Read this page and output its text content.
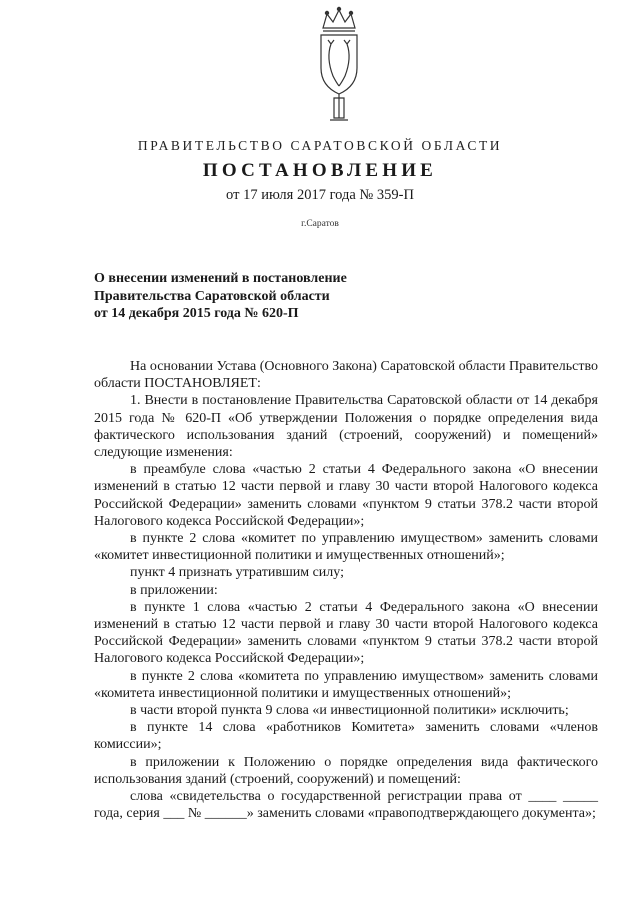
ПРАВИТЕЛЬСТВО САРАТОВСКОЙ ОБЛАСТИ
ПОСТАНОВЛЕНИЕ
от 17 июля 2017 года № 359-П
г.Саратов
О внесении изменений в постановление
Правительства Саратовской области
от 14 декабря 2015 года № 620-П

На основании Устава (Основного Закона) Саратовской области Правительство области ПОСТАНОВЛЯЕТ:

1. Внести в постановление Правительства Саратовской области от 14 декабря 2015 года № 620-П «Об утверждении Положения о порядке определения вида фактического использования зданий (строений, сооружений) и помещений» следующие изменения:

в преамбуле слова «частью 2 статьи 4 Федерального закона «О внесении изменений в статью 12 части первой и главу 30 части второй Налогового кодекса Российской Федерации» заменить словами «пунктом 9 статьи 378.2 части второй Налогового кодекса Российской Федерации»;

в пункте 2 слова «комитет по управлению имуществом» заменить словами «комитет инвестиционной политики и имущественных отношений»;

пункт 4 признать утратившим силу;

в приложении:

в пункте 1 слова «частью 2 статьи 4 Федерального закона «О внесении изменений в статью 12 части первой и главу 30 части второй Налогового кодекса Российской Федерации» заменить словами «пунктом 9 статьи 378.2 части второй Налогового кодекса Российской Федерации»;

в пункте 2 слова «комитета по управлению имуществом» заменить словами «комитета инвестиционной политики и имущественных отношений»;

в части второй пункта 9 слова «и инвестиционной политики» исключить;

в пункте 14 слова «работников Комитета» заменить словами «членов комиссии»;

в приложении к Положению о порядке определения вида фактического использования зданий (строений, сооружений) и помещений:

слова «свидетельства о государственной регистрации права от ____ _____ года, серия ___ № ______» заменить словами «правоподтверждающего документа»;
